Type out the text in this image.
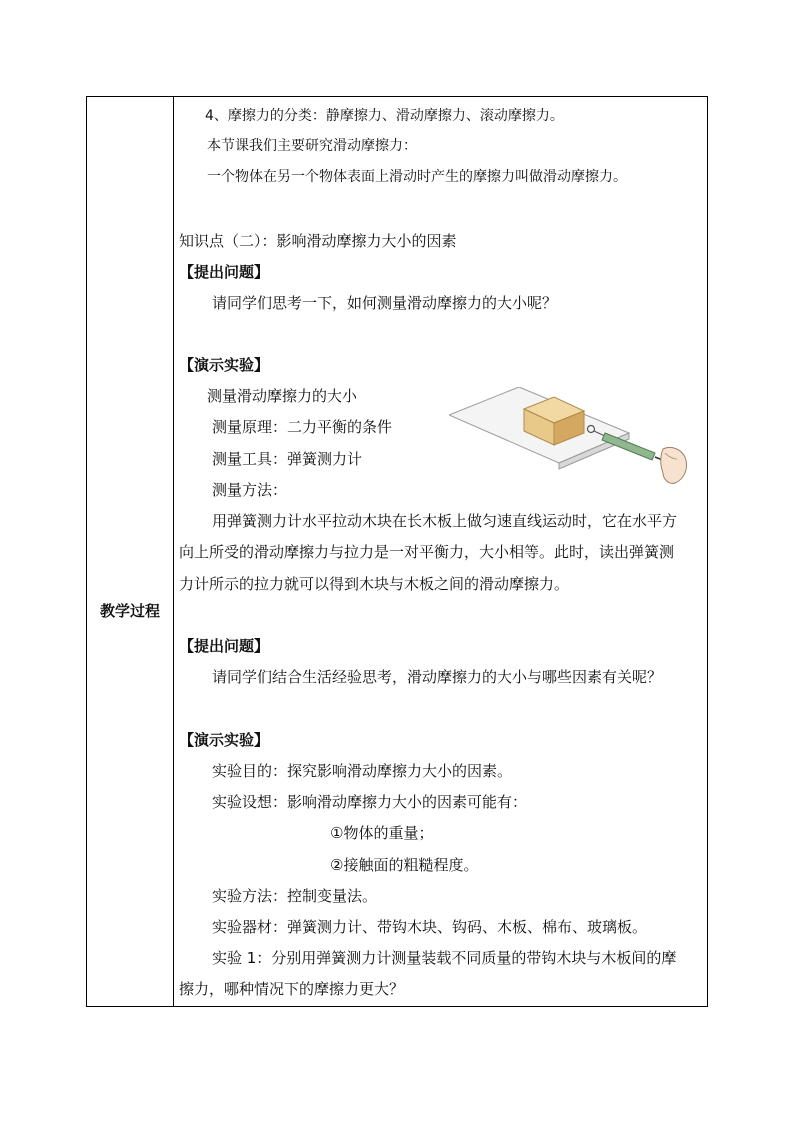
教学过程
4、摩擦力的分类：静摩擦力、滑动摩擦力、滚动摩擦力。
本节课我们主要研究滑动摩擦力：
一个物体在另一个物体表面上滑动时产生的摩擦力叫做滑动摩擦力。
知识点（二）：影响滑动摩擦力大小的因素
【提出问题】
请同学们思考一下，如何测量滑动摩擦力的大小呢？
【演示实验】
测量滑动摩擦力的大小
测量原理：二力平衡的条件
测量工具：弹簧测力计
测量方法：
用弹簧测力计水平拉动木块在长木板上做匀速直线运动时，它在水平方
向上所受的滑动摩擦力与拉力是一对平衡力，大小相等。此时，读出弹簧测
力计所示的拉力就可以得到木块与木板之间的滑动摩擦力。
【提出问题】
请同学们结合生活经验思考，滑动摩擦力的大小与哪些因素有关呢？
【演示实验】
实验目的：探究影响滑动摩擦力大小的因素。
实验设想：影响滑动摩擦力大小的因素可能有：
①物体的重量；
②接触面的粗糙程度。
实验方法：控制变量法。
实验器材：弹簧测力计、带钩木块、钩码、木板、棉布、玻璃板。
实验 1：分别用弹簧测力计测量装载不同质量的带钩木块与木板间的摩
擦力，哪种情况下的摩擦力更大？
